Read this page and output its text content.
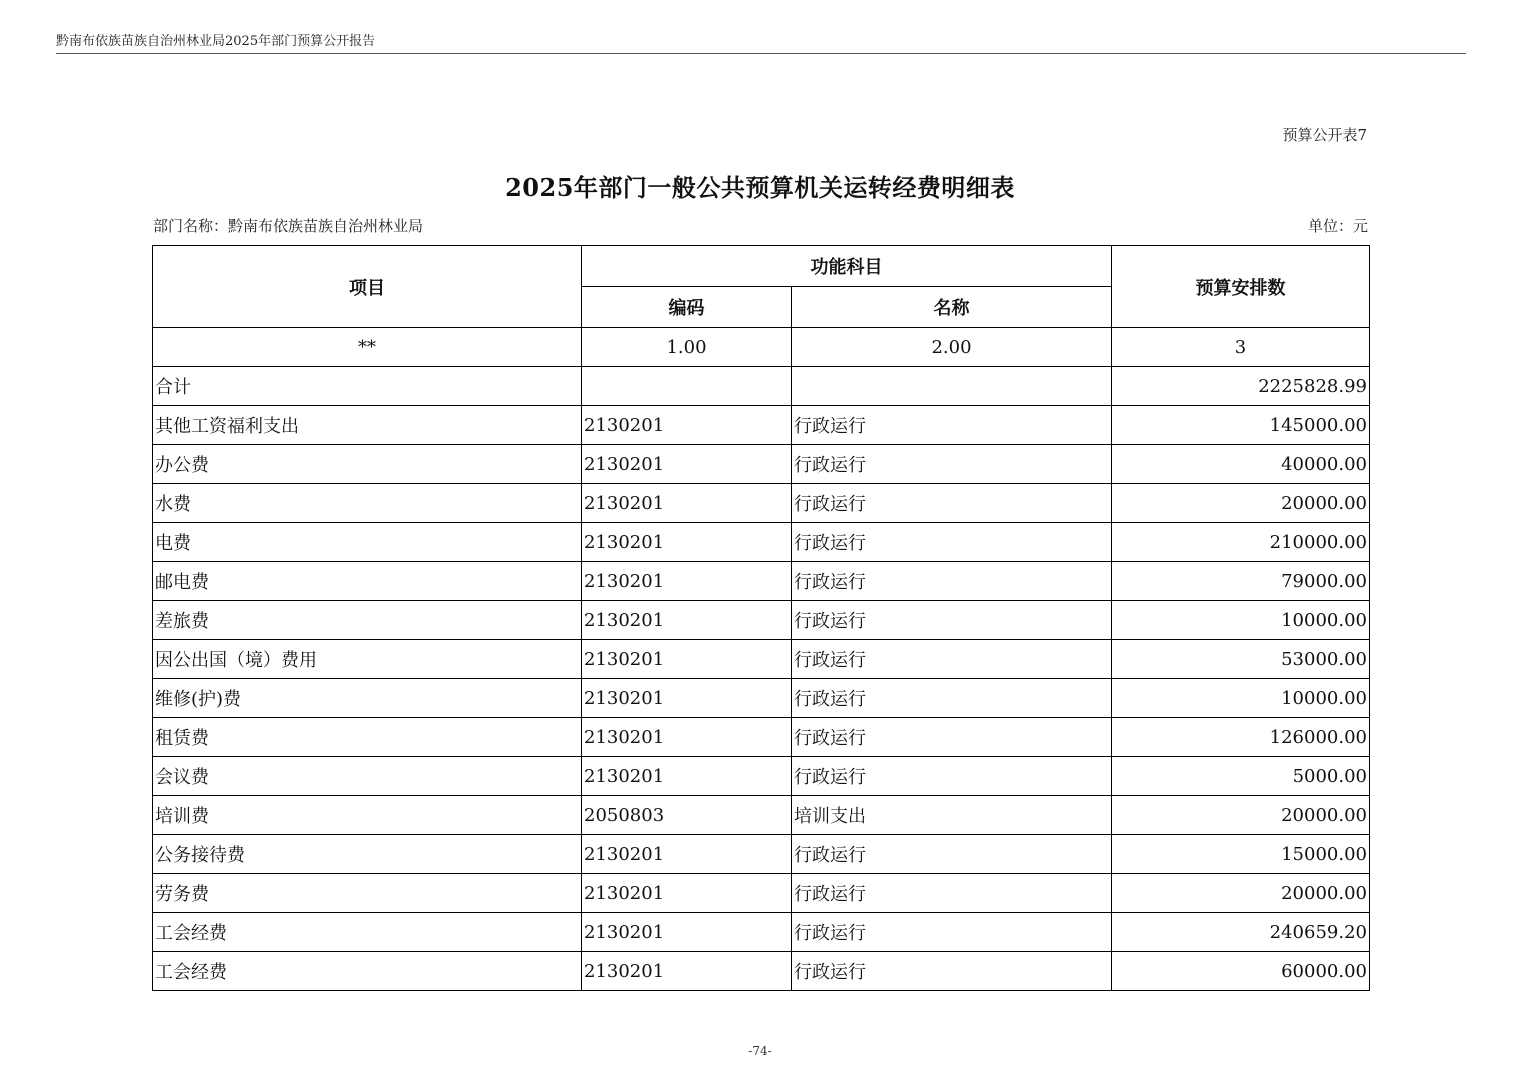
黔南布依族苗族自治州林业局2025年部门预算公开报告
预算公开表7
2025年部门一般公共预算机关运转经费明细表
部门名称：黔南布依族苗族自治州林业局	单位：元
项目	功能科目		预算安排数
	编码	名称	
**	1.00	2.00	3
合计			2225828.99
其他工资福利支出	2130201	行政运行	145000.00
办公费	2130201	行政运行	40000.00
水费	2130201	行政运行	20000.00
电费	2130201	行政运行	210000.00
邮电费	2130201	行政运行	79000.00
差旅费	2130201	行政运行	10000.00
因公出国（境）费用	2130201	行政运行	53000.00
维修(护)费	2130201	行政运行	10000.00
租赁费	2130201	行政运行	126000.00
会议费	2130201	行政运行	5000.00
培训费	2050803	培训支出	20000.00
公务接待费	2130201	行政运行	15000.00
劳务费	2130201	行政运行	20000.00
工会经费	2130201	行政运行	240659.20
工会经费	2130201	行政运行	60000.00
-74-
